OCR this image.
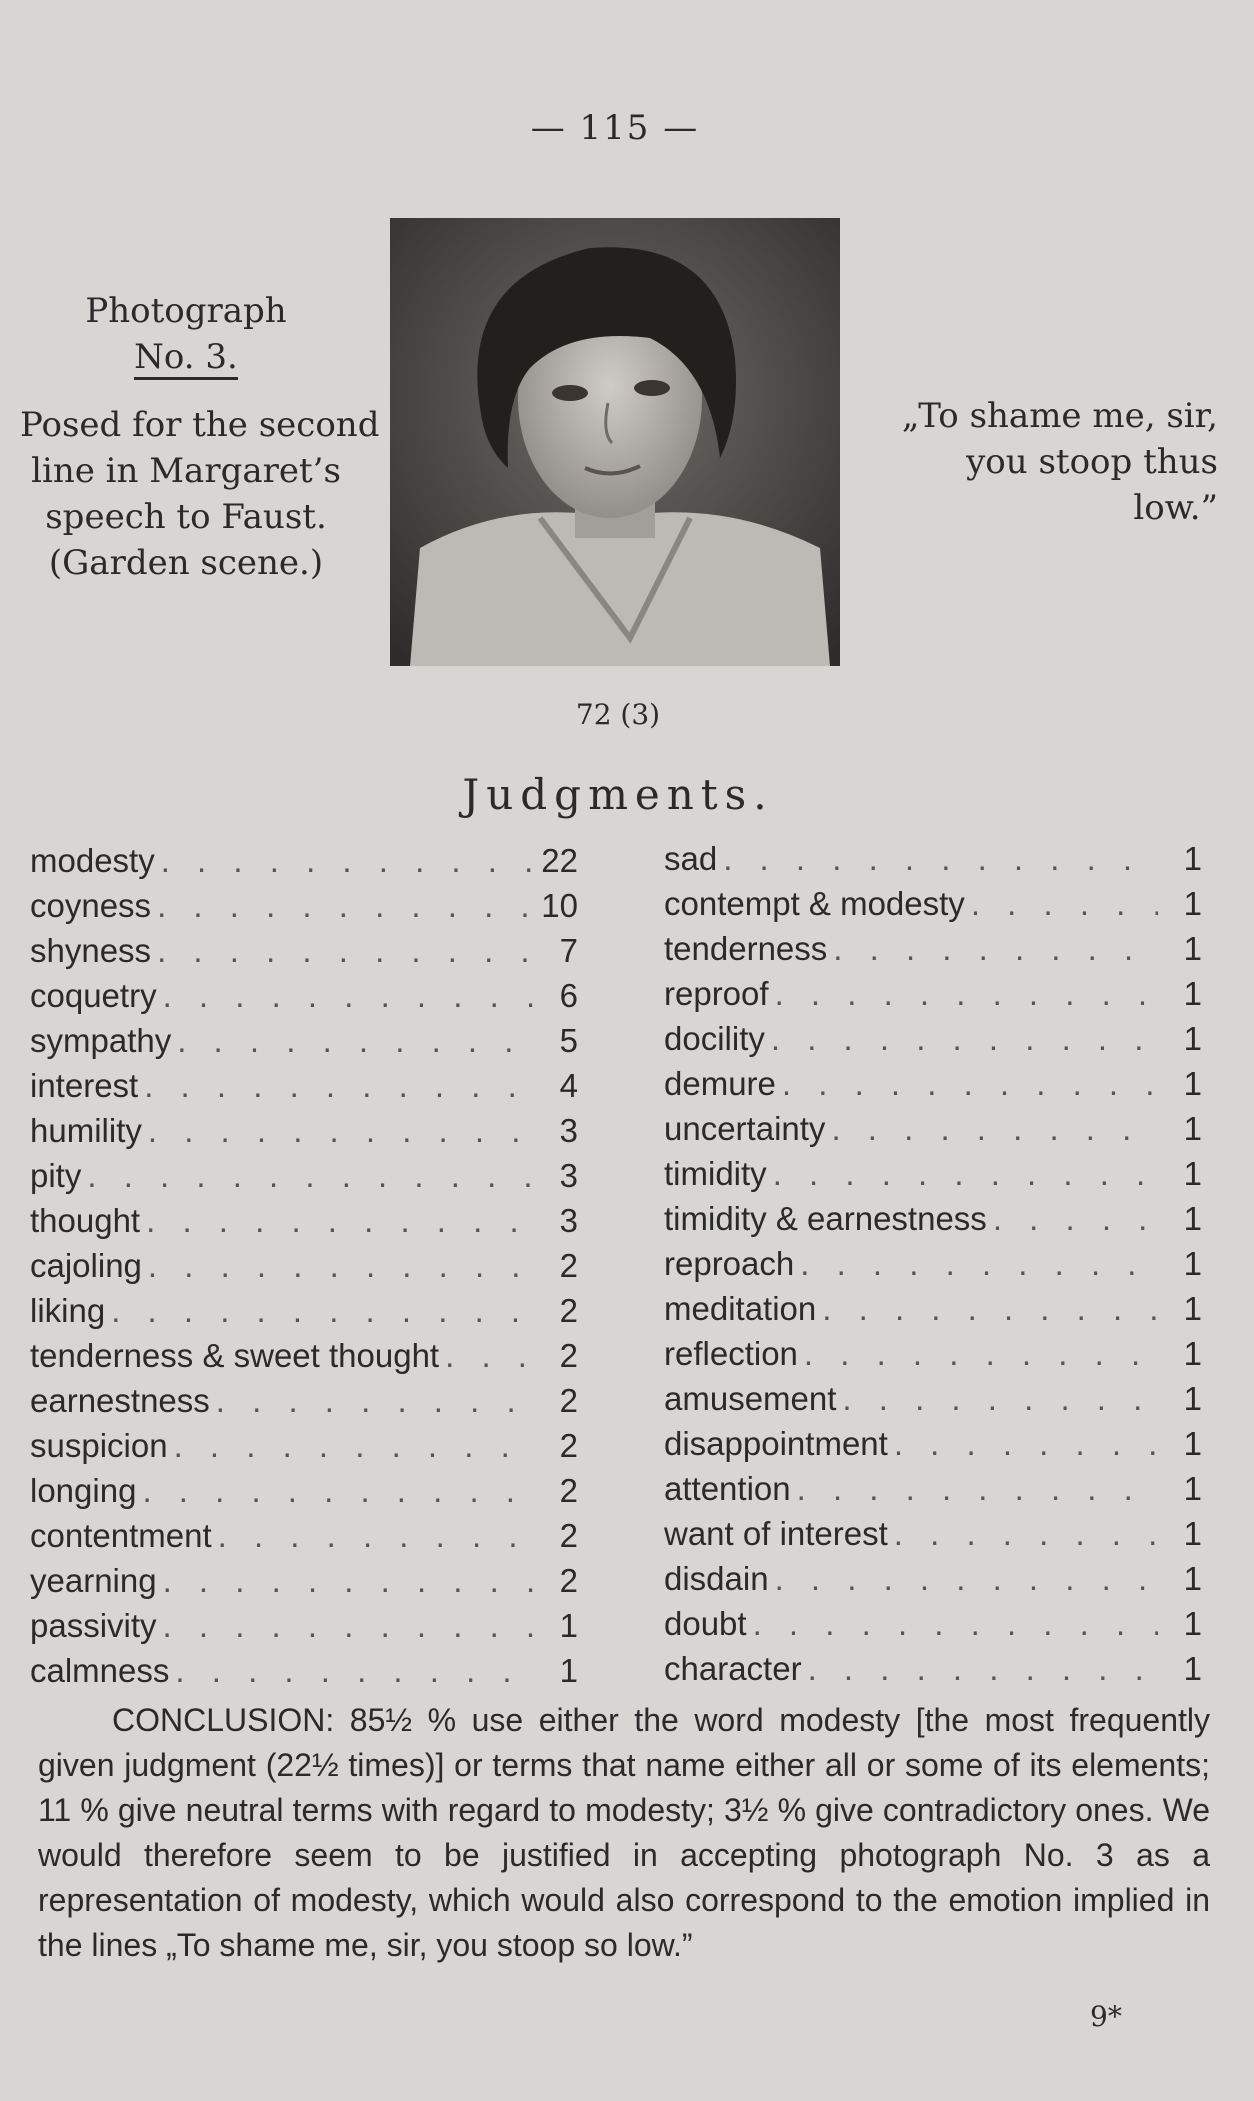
— 115 —
Photograph
No. 3.
Posed for the second
line in Margaret’s
speech to Faust.
(Garden scene.)
„To shame me, sir,
you stoop thus low.”
72 (3)
Judgments.
modesty . . .	22
coyness . . .	10
shyness . . .	7
coquetry . . .	6
sympathy . . .	5
interest . . .	4
humility . . .	3
pity . . .	3
thought . . .	3
cajoling . . .	2
liking . . .	2
tenderness & sweet thought . . .	2
earnestness . . .	2
suspicion . . .	2
longing . . .	2
contentment . . .	2
yearning . . .	2
passivity . . .	1
calmness . . .	1
sad . . .	1
contempt & modesty . . .	1
tenderness . . .	1
reproof . . .	1
docility . . .	1
demure . . .	1
uncertainty . . .	1
timidity . . .	1
timidity & earnestness . . .	1
reproach . . .	1
meditation . . .	1
reflection . . .	1
amusement . . .	1
disappointment . . .	1
attention . . .	1
want of interest . . .	1
disdain . . .	1
doubt . . .	1
character . . .	1
CONCLUSION: 85½ % use either the word modesty [the most frequently given judgment (22½ times)] or terms that name either all or some of its elements; 11 % give neutral terms with regard to modesty; 3½ % give contradictory ones. We would therefore seem to be justified in accepting photograph No. 3 as a representation of modesty, which would also correspond to the emotion implied in the lines „To shame me, sir, you stoop so low.”
9*
